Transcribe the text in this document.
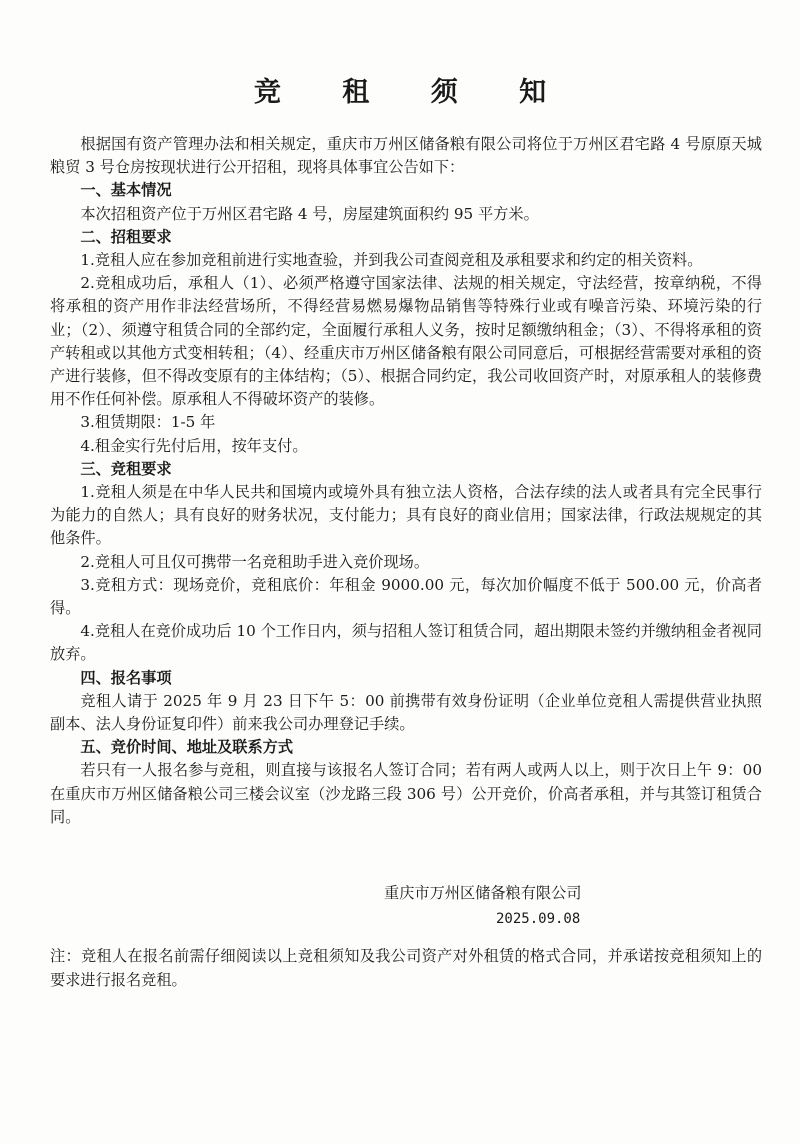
竞 租 须 知

根据国有资产管理办法和相关规定，重庆市万州区储备粮有限公司将位于万州区君宅路 4 号原原天城粮贸 3 号仓房按现状进行公开招租，现将具体事宜公告如下：

一、基本情况

本次招租资产位于万州区君宅路 4 号，房屋建筑面积约 95 平方米。

二、招租要求

1.竞租人应在参加竞租前进行实地查验，并到我公司查阅竞租及承租要求和约定的相关资料。

2.竞租成功后，承租人（1）、必须严格遵守国家法律、法规的相关规定，守法经营，按章纳税，不得将承租的资产用作非法经营场所，不得经营易燃易爆物品销售等特殊行业或有噪音污染、环境污染的行业；（2）、须遵守租赁合同的全部约定，全面履行承租人义务，按时足额缴纳租金；（3）、不得将承租的资产转租或以其他方式变相转租；（4）、经重庆市万州区储备粮有限公司同意后，可根据经营需要对承租的资产进行装修，但不得改变原有的主体结构；（5）、根据合同约定，我公司收回资产时，对原承租人的装修费用不作任何补偿。原承租人不得破坏资产的装修。

3.租赁期限：1-5 年

4.租金实行先付后用，按年支付。

三、竞租要求

1.竞租人须是在中华人民共和国境内或境外具有独立法人资格，合法存续的法人或者具有完全民事行为能力的自然人；具有良好的财务状况，支付能力；具有良好的商业信用；国家法律，行政法规规定的其他条件。

2.竞租人可且仅可携带一名竞租助手进入竞价现场。

3.竞租方式：现场竞价，竞租底价：年租金 9000.00 元，每次加价幅度不低于 500.00 元，价高者得。

4.竞租人在竞价成功后 10 个工作日内，须与招租人签订租赁合同，超出期限未签约并缴纳租金者视同放弃。

四、报名事项

竞租人请于 2025 年 9 月 23 日下午 5：00 前携带有效身份证明（企业单位竞租人需提供营业执照副本、法人身份证复印件）前来我公司办理登记手续。

五、竞价时间、地址及联系方式

若只有一人报名参与竞租，则直接与该报名人签订合同；若有两人或两人以上，则于次日上午 9：00 在重庆市万州区储备粮公司三楼会议室（沙龙路三段 306 号）公开竞价，价高者承租，并与其签订租赁合同。

重庆市万州区储备粮有限公司
2025.09.08
注：竞租人在报名前需仔细阅读以上竞租须知及我公司资产对外租赁的格式合同，并承诺按竞租须知上的要求进行报名竞租。
